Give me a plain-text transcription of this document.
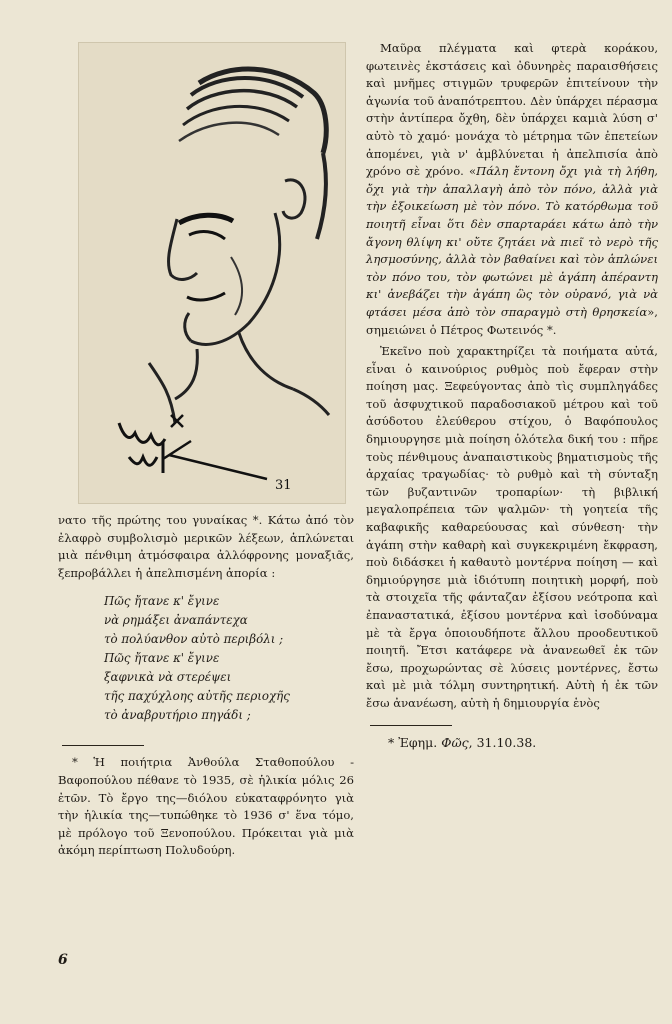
31

νατο τῆς πρώτης του γυναίκας *. Κάτω ἀπό τὸν ἐλαφρὸ συμβολισμὸ μερικῶν λέξεων, ἁπλώνεται μιὰ πένθιμη ἀτμόσφαιρα ἀλλόφρονης μοναξιᾶς, ξεπροβάλλει ἡ ἀπελπισμένη ἀπορία :

Πῶς ἤτανε κ' ἔγινε
νὰ ρημάξει ἀναπάντεχα
τὸ πολύανθον αὐτὸ περιβόλι ;
Πῶς ἤτανε κ' ἔγινε
ξαφνικὰ νὰ στερέψει
τῆς παχύχλοης αὐτῆς περιοχῆς
τὸ ἀναβρυτήριο πηγάδι ;

* Ἡ ποιήτρια Ἀνθούλα Σταθοπούλου - Βαφοπούλου πέθανε τὸ 1935, σὲ ἡλικία μόλις 26 ἐτῶν. Τὸ ἔργο της—διόλου εὐκαταφρόνητο γιὰ τὴν ἡλικία της—τυπώθηκε τὸ 1936 σ' ἕνα τόμο, μὲ πρόλογο τοῦ Ξενοπούλου. Πρόκειται γιὰ μιὰ ἀκόμη περίπτωση Πολυδούρη.

Μαῦρα πλέγματα καὶ φτερὰ κοράκου, φωτεινὲς ἐκστάσεις καὶ ὀδυνηρὲς παραισθήσεις καὶ μνῆμες στιγμῶν τρυφερῶν ἐπιτείνουν τὴν ἀγωνία τοῦ ἀναπότρεπτου. Δὲν ὑπάρχει πέρασμα στὴν ἀντίπερα ὄχθη, δὲν ὑπάρχει καμιὰ λύση σ' αὐτὸ τὸ χαμό· μονάχα τὸ μέτρημα τῶν ἐπετείων ἀπομένει, γιὰ ν' ἀμβλύνεται ἡ ἀπελπισία ἀπὸ χρόνο σὲ χρόνο. «Πάλη ἔντονη ὄχι γιὰ τὴ λήθη, ὄχι γιὰ τὴν ἀπαλλαγὴ ἀπὸ τὸν πόνο, ἀλλὰ γιὰ τὴν ἐξοικείωση μὲ τὸν πόνο. Τὸ κατόρθωμα τοῦ ποιητῆ εἶναι ὅτι δὲν σπαρταράει κάτω ἀπὸ τὴν ἄγονη θλίψη κι' οὔτε ζητάει νὰ πιεῖ τὸ νερὸ τῆς λησμοσύνης, ἀλλὰ τὸν βαθαίνει καὶ τὸν ἁπλώνει τὸν πόνο του, τὸν φωτώνει μὲ ἀγάπη ἀπέραντη κι' ἀνεβάζει τὴν ἀγάπη ὣς τὸν οὐρανό, γιὰ νὰ φτάσει μέσα ἀπὸ τὸν σπαραγμὸ στὴ θρησκεία», σημειώνει ὁ Πέτρος Φωτεινός *.

Ἐκεῖνο ποὺ χαρακτηρίζει τὰ ποιήματα αὐτά, εἶναι ὁ καινούριος ρυθμὸς ποὺ ἔφεραν στὴν ποίηση μας. Ξεφεύγοντας ἀπὸ τὶς συμπληγάδες τοῦ ἀσφυχτικοῦ παραδοσιακοῦ μέτρου καὶ τοῦ ἀσύδοτου ἐλεύθερου στίχου, ὁ Βαφόπουλος δημιουργησε μιὰ ποίηση ὁλότελα δική του : πῆρε τοὺς πένθιμους ἀναπαιστικοὺς βηματισμοὺς τῆς ἀρχαίας τραγωδίας· τὸ ρυθμὸ καὶ τὴ σύνταξη τῶν βυζαντινῶν τροπαρίων· τὴ βιβλική μεγαλοπρέπεια τῶν ψαλμῶν· τὴ γοητεία τῆς καβαφικῆς καθαρεύουσας καὶ σύνθεση· τὴν ἀγάπη στὴν καθαρὴ καὶ συγκεκριμένη ἔκφραση, ποὺ διδάσκει ἡ καθαυτὸ μοντέρνα ποίηση — καὶ δημιούργησε μιὰ ἰδιότυπη ποιητικὴ μορφή, ποὺ τὰ στοιχεῖα τῆς φάνταζαν ἐξίσου νεότροπα καὶ ἐπαναστατικά, ἐξίσου μοντέρνα καὶ ἰσοδύναμα μὲ τὰ ἔργα ὁποιουδήποτε ἄλλου προοδευτικοῦ ποιητῆ. Ἔτσι κατάφερε νὰ ἀνανεωθεῖ ἐκ τῶν ἔσω, προχωρώντας σὲ λύσεις μοντέρνες, ἔστω καὶ μὲ μιὰ τόλμη συντηρητική. Αὐτὴ ἡ ἐκ τῶν ἔσω ἀνανέωση, αὐτὴ ἡ δημιουργία ἑνὸς

* Ἐφημ. Φῶς, 31.10.38.

6
